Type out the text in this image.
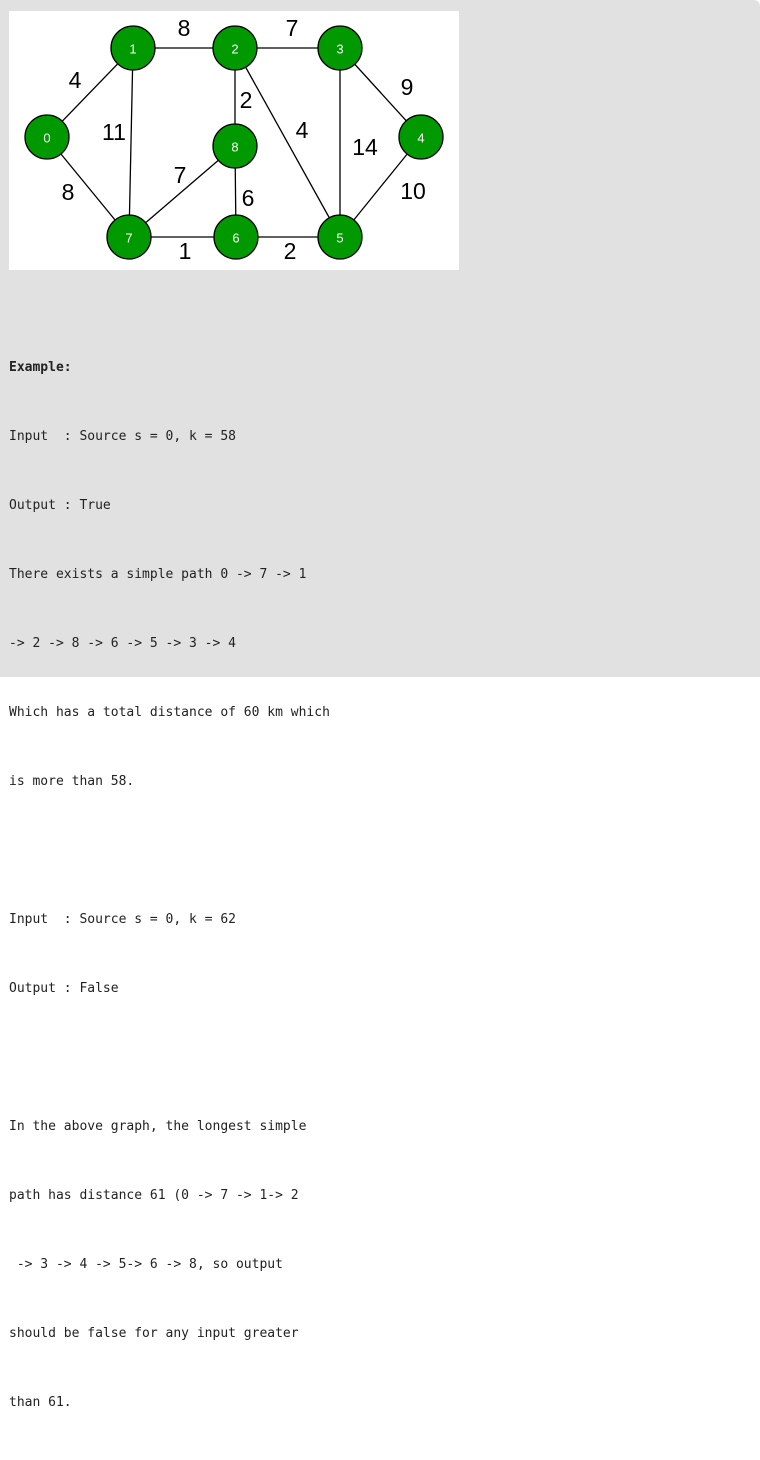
0
1	2	3
4
5
6
7
8
4
8	7
9
2
11	4
14
7
8	6	10
1	2

Example:

Input  : Source s = 0, k = 58

Output : True

There exists a simple path 0 -> 7 -> 1

-> 2 -> 8 -> 6 -> 5 -> 3 -> 4

Which has a total distance of 60 km which

is more than 58.

Input  : Source s = 0, k = 62

Output : False

In the above graph, the longest simple

path has distance 61 (0 -> 7 -> 1-> 2

-> 3 -> 4 -> 5-> 6 -> 8, so output

should be false for any input greater

than 61.
